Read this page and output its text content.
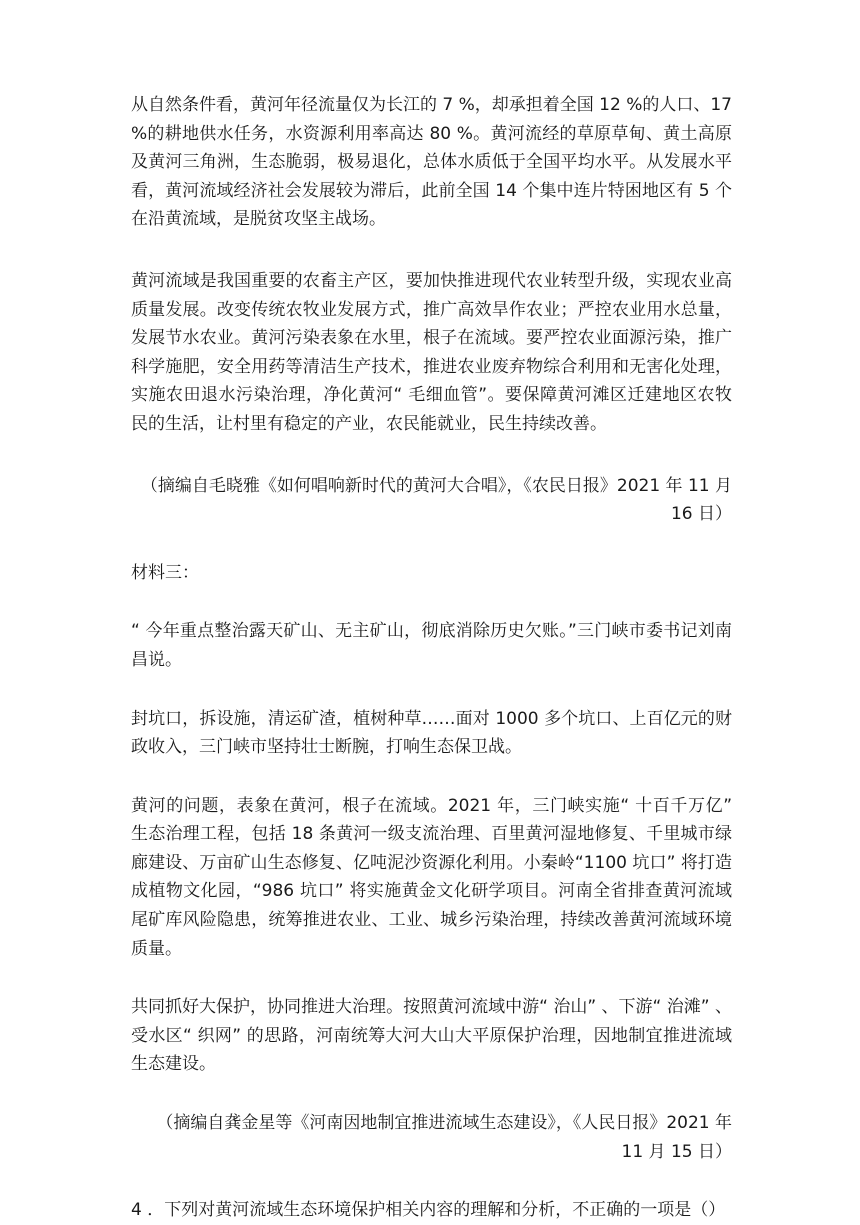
从自然条件看，黄河年径流量仅为长江的 7 %，却承担着全国 12 %的人口、17 %的耕地供水任务，水资源利用率高达 80 %。黄河流经的草原草甸、黄土高原及黄河三角洲，生态脆弱，极易退化，总体水质低于全国平均水平。从发展水平看，黄河流域经济社会发展较为滞后，此前全国 14 个集中连片特困地区有 5 个在沿黄流域，是脱贫攻坚主战场。

黄河流域是我国重要的农畜主产区，要加快推进现代农业转型升级，实现农业高质量发展。改变传统农牧业发展方式，推广高效旱作农业；严控农业用水总量，发展节水农业。黄河污染表象在水里，根子在流域。要严控农业面源污染，推广科学施肥，安全用药等清洁生产技术，推进农业废弃物综合利用和无害化处理，实施农田退水污染治理，净化黄河“ 毛细血管”。要保障黄河滩区迁建地区农牧民的生活，让村里有稳定的产业，农民能就业，民生持续改善。

（摘编自毛晓雅《如何唱响新时代的黄河大合唱》，《农民日报》2021 年 11 月 16 日）

材料三：

“ 今年重点整治露天矿山、无主矿山，彻底消除历史欠账。”三门峡市委书记刘南昌说。

封坑口，拆设施，清运矿渣，植树种草……面对 1000 多个坑口、上百亿元的财政收入，三门峡市坚持壮士断腕，打响生态保卫战。

黄河的问题，表象在黄河，根子在流域。2021 年，三门峡实施“ 十百千万亿” 生态治理工程，包括 18 条黄河一级支流治理、百里黄河湿地修复、千里城市绿廊建设、万亩矿山生态修复、亿吨泥沙资源化利用。小秦岭“1100 坑口” 将打造成植物文化园，“986 坑口” 将实施黄金文化研学项目。河南全省排查黄河流域尾矿库风险隐患，统筹推进农业、工业、城乡污染治理，持续改善黄河流域环境质量。

共同抓好大保护，协同推进大治理。按照黄河流域中游“ 治山” 、下游“ 治滩” 、受水区“ 织网” 的思路，河南统筹大河大山大平原保护治理，因地制宜推进流域生态建设。

（摘编自龚金星等《河南因地制宜推进流域生态建设》，《人民日报》2021 年 11 月 15 日）

4 ．下列对黄河流域生态环境保护相关内容的理解和分析，不正确的一项是（）
